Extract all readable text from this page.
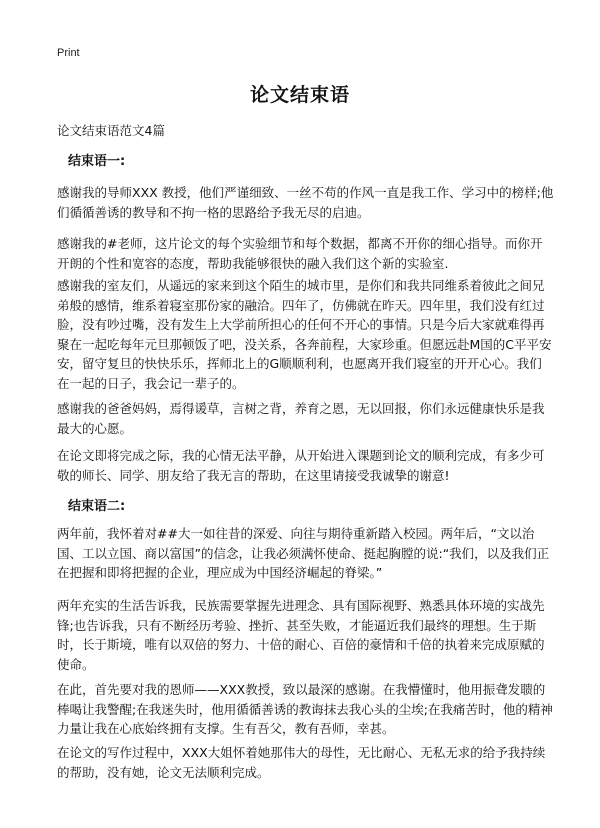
Print
论文结束语
论文结束语范文4篇
结束语一:

感谢我的导师XXX 教授，他们严谨细致、一丝不苟的作风一直是我工作、学习中的榜样;他们循循善诱的教导和不拘一格的思路给予我无尽的启迪。

感谢我的#老师，这片论文的每个实验细节和每个数据，都离不开你的细心指导。而你开开朗的个性和宽容的态度，帮助我能够很快的融入我们这个新的实验室.

感谢我的室友们，从遥远的家来到这个陌生的城市里，是你们和我共同维系着彼此之间兄弟般的感情，维系着寝室那份家的融洽。四年了，仿佛就在昨天。四年里，我们没有红过脸，没有吵过嘴，没有发生上大学前所担心的任何不开心的事情。只是今后大家就难得再聚在一起吃每年元旦那顿饭了吧，没关系，各奔前程，大家珍重。但愿远赴M国的C平平安安，留守复旦的快快乐乐，挥师北上的G顺顺利利，也愿离开我们寝室的开开心心。我们在一起的日子，我会记一辈子的。

感谢我的爸爸妈妈，焉得谖草，言树之背，养育之恩，无以回报，你们永远健康快乐是我最大的心愿。

在论文即将完成之际，我的心情无法平静，从开始进入课题到论文的顺利完成，有多少可敬的师长、同学、朋友给了我无言的帮助，在这里请接受我诚挚的谢意!

结束语二:

两年前，我怀着对##大一如往昔的深爱、向往与期待重新踏入校园。两年后，“文以治国、工以立国、商以富国”的信念，让我必须满怀使命、挺起胸膛的说:“我们，以及我们正在把握和即将把握的企业，理应成为中国经济崛起的脊梁。”

两年充实的生活告诉我，民族需要掌握先进理念、具有国际视野、熟悉具体环境的实战先锋;也告诉我，只有不断经历考验、挫折、甚至失败，才能逼近我们最终的理想。生于斯时，长于斯境，唯有以双倍的努力、十倍的耐心、百倍的豪情和千倍的执着来完成原赋的使命。

在此，首先要对我的恩师——XXX教授，致以最深的感谢。在我懵懂时，他用振聋发聩的棒喝让我警醒;在我迷失时，他用循循善诱的教诲抹去我心头的尘埃;在我痛苦时，他的精神力量让我在心底始终拥有支撑。生有吾父，教有吾师，幸甚。

在论文的写作过程中，XXX大姐怀着她那伟大的母性，无比耐心、无私无求的给予我持续的帮助，没有她，论文无法顺利完成。
